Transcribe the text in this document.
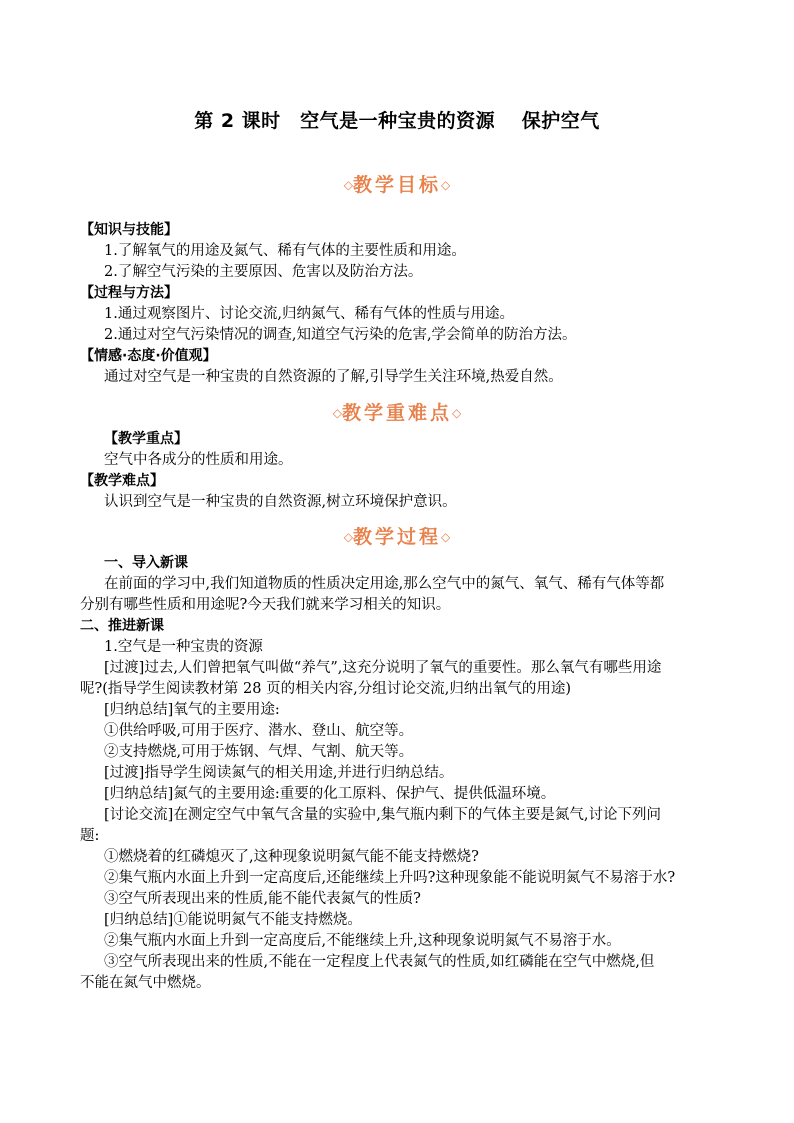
第 2 课时　空气是一种宝贵的资源　 保护空气
◇教学目标◇
【知识与技能】
1.了解氧气的用途及氮气、稀有气体的主要性质和用途。
2.了解空气污染的主要原因、危害以及防治方法。
【过程与方法】
1.通过观察图片、讨论交流,归纳氮气、稀有气体的性质与用途。
2.通过对空气污染情况的调查,知道空气污染的危害,学会简单的防治方法。
【情感·态度·价值观】
通过对空气是一种宝贵的自然资源的了解,引导学生关注环境,热爱自然。
◇教学重难点◇
【教学重点】
空气中各成分的性质和用途。
【教学难点】
认识到空气是一种宝贵的自然资源,树立环境保护意识。
◇教学过程◇
一、导入新课
在前面的学习中,我们知道物质的性质决定用途,那么空气中的氮气、氧气、稀有气体等都
分别有哪些性质和用途呢?今天我们就来学习相关的知识。
二、推进新课
1.空气是一种宝贵的资源
[过渡]过去,人们曾把氧气叫做“养气”,这充分说明了氧气的重要性。那么氧气有哪些用途
呢?(指导学生阅读教材第 28 页的相关内容,分组讨论交流,归纳出氧气的用途)
[归纳总结]氧气的主要用途:
①供给呼吸,可用于医疗、潜水、登山、航空等。
②支持燃烧,可用于炼钢、气焊、气割、航天等。
[过渡]指导学生阅读氮气的相关用途,并进行归纳总结。
[归纳总结]氮气的主要用途:重要的化工原料、保护气、提供低温环境。
[讨论交流]在测定空气中氧气含量的实验中,集气瓶内剩下的气体主要是氮气,讨论下列问
题:
①燃烧着的红磷熄灭了,这种现象说明氮气能不能支持燃烧?
②集气瓶内水面上升到一定高度后,还能继续上升吗?这种现象能不能说明氮气不易溶于水?
③空气所表现出来的性质,能不能代表氮气的性质?
[归纳总结]①能说明氮气不能支持燃烧。
②集气瓶内水面上升到一定高度后,不能继续上升,这种现象说明氮气不易溶于水。
③空气所表现出来的性质,不能在一定程度上代表氮气的性质,如红磷能在空气中燃烧,但
不能在氮气中燃烧。
